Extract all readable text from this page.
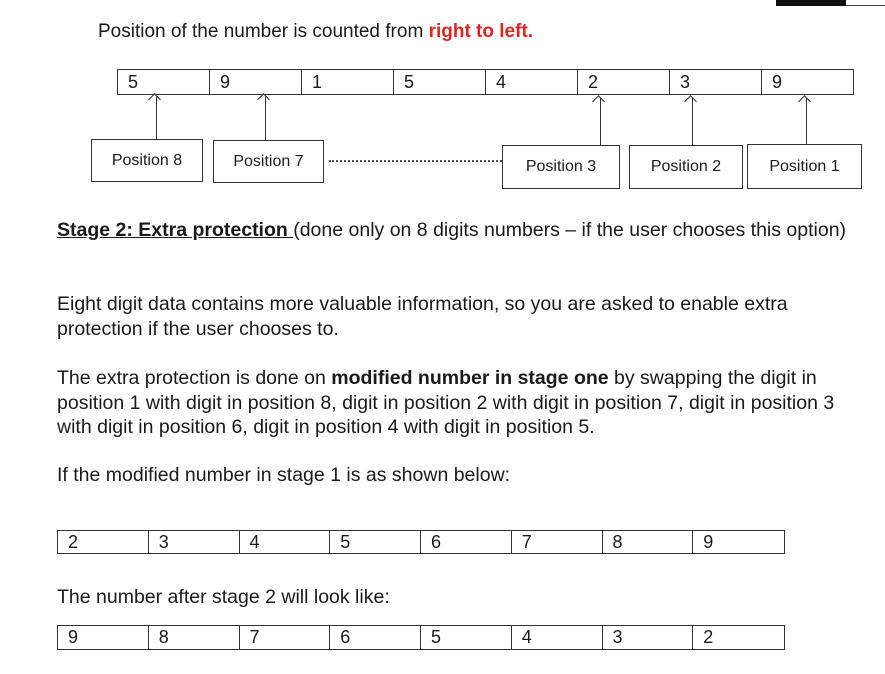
Position of the number is counted from right to left.
5	9	1	5	4	2	3	9
Position 8	Position 7	Position 3	Position 2	Position 1
Stage 2: Extra protection (done only on 8 digits numbers – if the user chooses this option)
Eight digit data contains more valuable information, so you are asked to enable extra protection if the user chooses to.
The extra protection is done on modified number in stage one by swapping the digit in position 1 with digit in position 8, digit in position 2 with digit in position 7, digit in position 3 with digit in position 6, digit in position 4 with digit in position 5.
If the modified number in stage 1 is as shown below:
2	3	4	5	6	7	8	9
The number after stage 2 will look like:
9	8	7	6	5	4	3	2
